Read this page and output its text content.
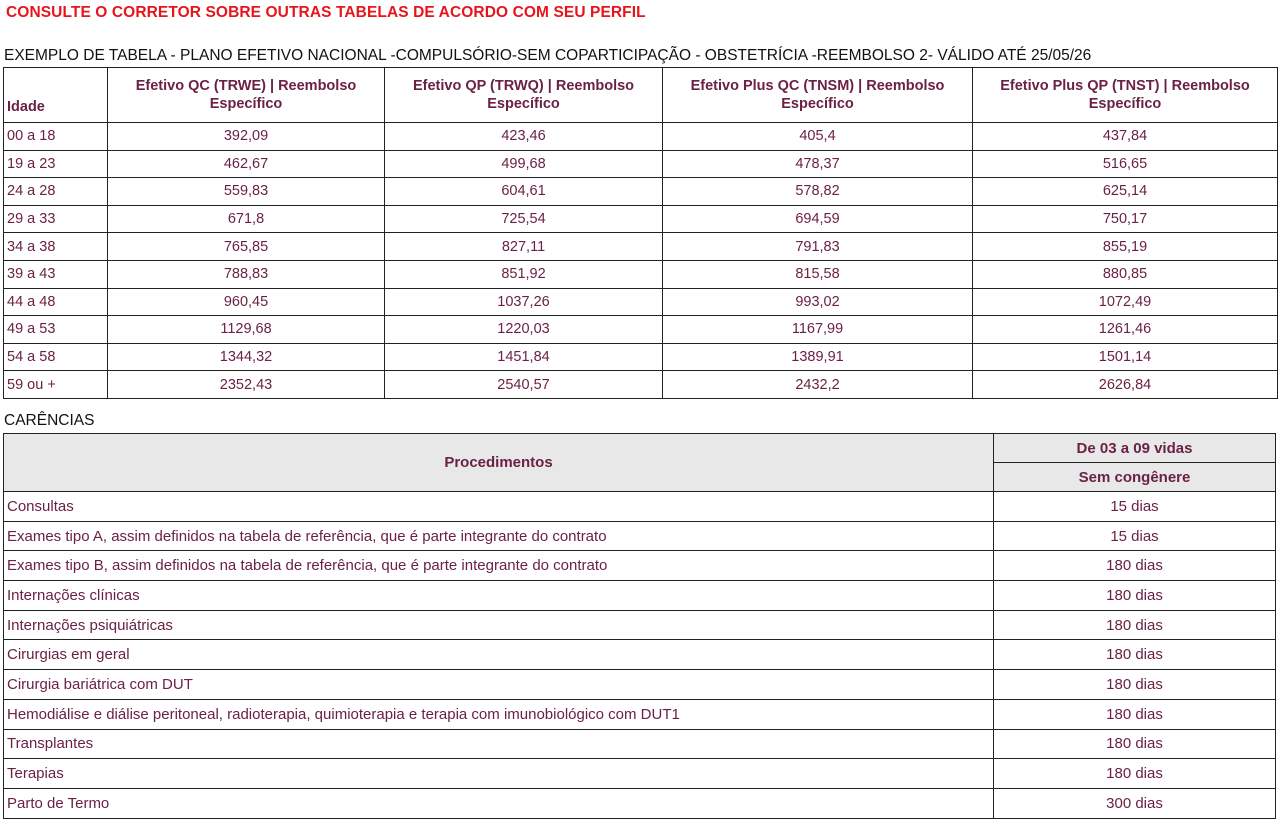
CONSULTE O CORRETOR SOBRE OUTRAS TABELAS DE ACORDO COM SEU PERFIL
EXEMPLO DE TABELA - PLANO EFETIVO NACIONAL -COMPULSÓRIO-SEM COPARTICIPAÇÃO - OBSTETRÍCIA -REEMBOLSO 2- VÁLIDO ATÉ 25/05/26
Idade	Efetivo QC (TRWE) | Reembolso Específico	Efetivo QP (TRWQ) | Reembolso Específico	Efetivo Plus QC (TNSM) | Reembolso Específico	Efetivo Plus QP (TNST) | Reembolso Específico
00 a 18	392,09	423,46	405,4	437,84
19 a 23	462,67	499,68	478,37	516,65
24 a 28	559,83	604,61	578,82	625,14
29 a 33	671,8	725,54	694,59	750,17
34 a 38	765,85	827,11	791,83	855,19
39 a 43	788,83	851,92	815,58	880,85
44 a 48	960,45	1037,26	993,02	1072,49
49 a 53	1129,68	1220,03	1167,99	1261,46
54 a 58	1344,32	1451,84	1389,91	1501,14
59 ou +	2352,43	2540,57	2432,2	2626,84
CARÊNCIAS
Procedimentos	De 03 a 09 vidas
	Sem congênere
Consultas	15 dias
Exames tipo A, assim definidos na tabela de referência, que é parte integrante do contrato	15 dias
Exames tipo B, assim definidos na tabela de referência, que é parte integrante do contrato	180 dias
Internações clínicas	180 dias
Internações psiquiátricas	180 dias
Cirurgias em geral	180 dias
Cirurgia bariátrica com DUT	180 dias
Hemodiálise e diálise peritoneal, radioterapia, quimioterapia e terapia com imunobiológico com DUT1	180 dias
Transplantes	180 dias
Terapias	180 dias
Parto de Termo	300 dias
